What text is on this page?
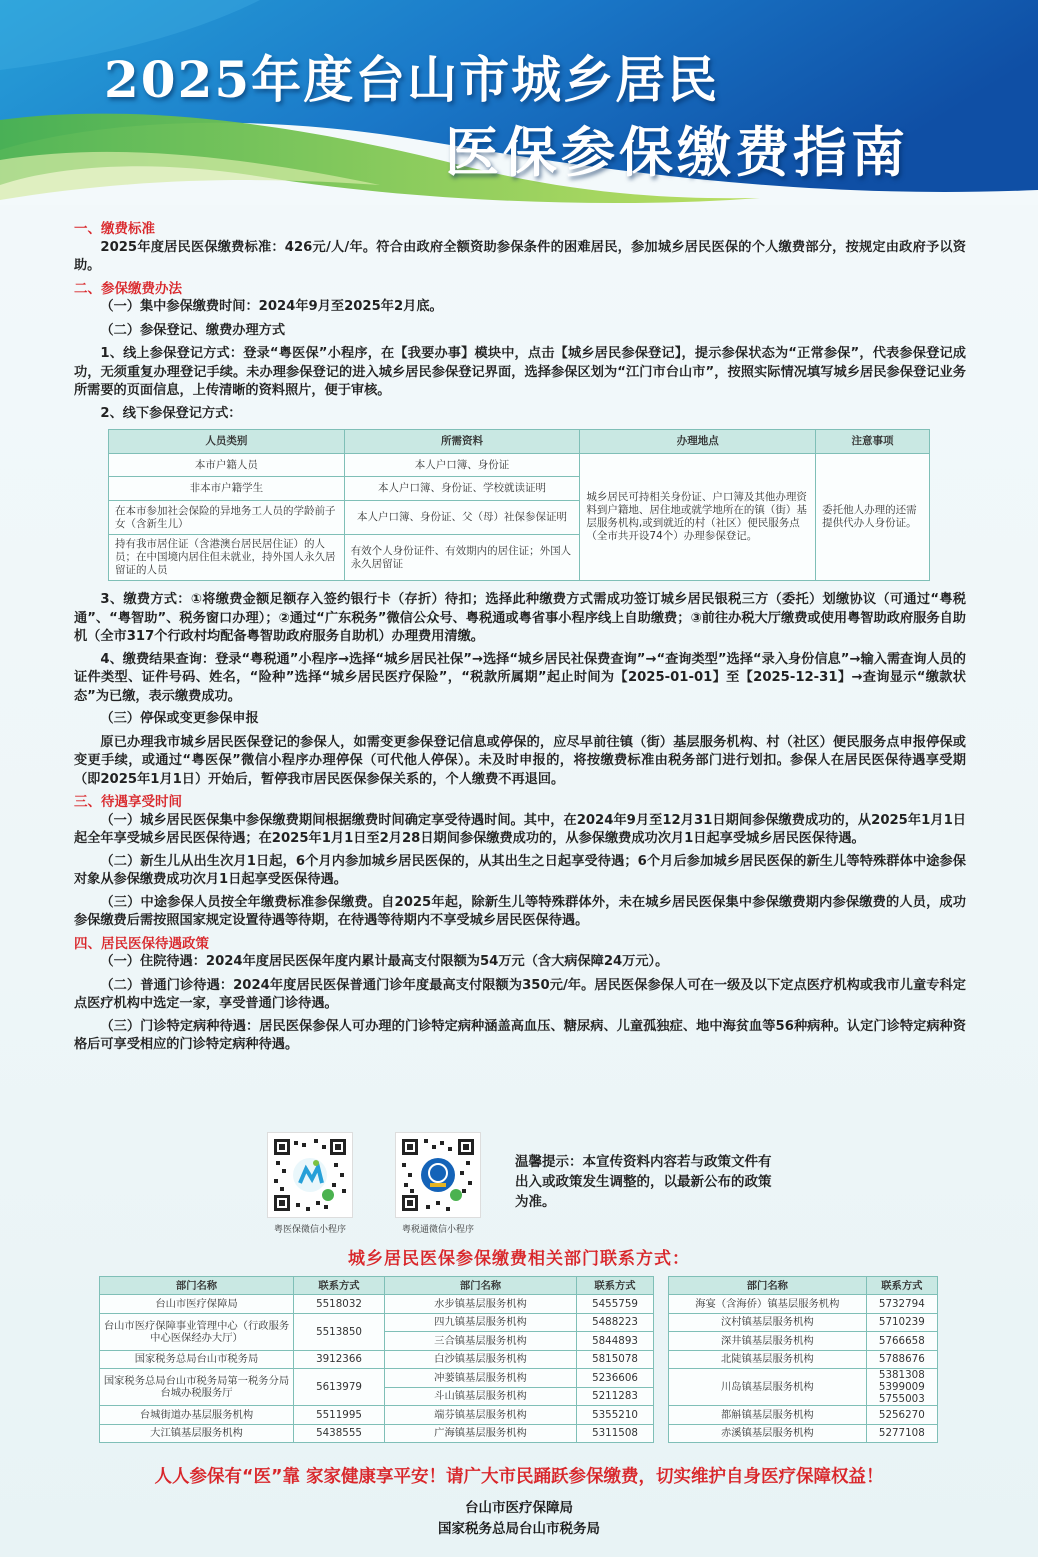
2025年度台山市城乡居民
医保参保缴费指南
一、缴费标准
2025年度居民医保缴费标准：426元/人/年。符合由政府全额资助参保条件的困难居民，参加城乡居民医保的个人缴费部分，按规定由政府予以资助。
二、参保缴费办法
（一）集中参保缴费时间：2024年9月至2025年2月底。
（二）参保登记、缴费办理方式
1、线上参保登记方式：登录“粤医保”小程序，在【我要办事】模块中，点击【城乡居民参保登记】，提示参保状态为“正常参保”，代表参保登记成功，无须重复办理登记手续。未办理参保登记的进入城乡居民参保登记界面，选择参保区划为“江门市台山市”，按照实际情况填写城乡居民参保登记业务所需要的页面信息，上传清晰的资料照片，便于审核。
2、线下参保登记方式：
人员类别	所需资料	办理地点	注意事项
本市户籍人员	本人户口簿、身份证	城乡居民可持相关身份证、户口簿及其他办理资料到户籍地、居住地或就学地所在的镇（街）基层服务机构,或到就近的村（社区）便民服务点（全市共开设74个）办理参保登记。	委托他人办理的还需提供代办人身份证。
非本市户籍学生	本人户口簿、身份证、学校就读证明		
在本市参加社会保险的异地务工人员的学龄前子女（含新生儿）	本人户口簿、身份证、父（母）社保参保证明		
持有我市居住证（含港澳台居民居住证）的人员；在中国境内居住但未就业，持外国人永久居留证的人员	有效个人身份证件、有效期内的居住证；外国人永久居留证		
3、缴费方式：①将缴费金额足额存入签约银行卡（存折）待扣；选择此种缴费方式需成功签订城乡居民银税三方（委托）划缴协议（可通过“粤税通”、“粤智助”、税务窗口办理）；②通过“广东税务”微信公众号、粤税通或粤省事小程序线上自助缴费；③前往办税大厅缴费或使用粤智助政府服务自助机（全市317个行政村均配备粤智助政府服务自助机）办理费用清缴。
4、缴费结果查询：登录“粤税通”小程序→选择“城乡居民社保”→选择“城乡居民社保费查询”→“查询类型”选择“录入身份信息”→输入需查询人员的证件类型、证件号码、姓名，“险种”选择“城乡居民医疗保险”，“税款所属期”起止时间为【2025-01-01】至【2025-12-31】→查询显示“缴款状态”为已缴，表示缴费成功。
（三）停保或变更参保申报
原已办理我市城乡居民医保登记的参保人，如需变更参保登记信息或停保的，应尽早前往镇（街）基层服务机构、村（社区）便民服务点申报停保或变更手续，或通过“粤医保”微信小程序办理停保（可代他人停保）。未及时申报的，将按缴费标准由税务部门进行划扣。参保人在居民医保待遇享受期（即2025年1月1日）开始后，暂停我市居民医保参保关系的，个人缴费不再退回。
三、待遇享受时间
（一）城乡居民医保集中参保缴费期间根据缴费时间确定享受待遇时间。其中，在2024年9月至12月31日期间参保缴费成功的，从2025年1月1日起全年享受城乡居民医保待遇；在2025年1月1日至2月28日期间参保缴费成功的，从参保缴费成功次月1日起享受城乡居民医保待遇。
（二）新生儿从出生次月1日起，6个月内参加城乡居民医保的，从其出生之日起享受待遇；6个月后参加城乡居民医保的新生儿等特殊群体中途参保对象从参保缴费成功次月1日起享受医保待遇。
（三）中途参保人员按全年缴费标准参保缴费。自2025年起，除新生儿等特殊群体外，未在城乡居民医保集中参保缴费期内参保缴费的人员，成功参保缴费后需按照国家规定设置待遇等待期，在待遇等待期内不享受城乡居民医保待遇。
四、居民医保待遇政策
（一）住院待遇：2024年度居民医保年度内累计最高支付限额为54万元（含大病保障24万元）。
（二）普通门诊待遇：2024年度居民医保普通门诊年度最高支付限额为350元/年。居民医保参保人可在一级及以下定点医疗机构或我市儿童专科定点医疗机构中选定一家，享受普通门诊待遇。
（三）门诊特定病种待遇：居民医保参保人可办理的门诊特定病种涵盖高血压、糖尿病、儿童孤独症、地中海贫血等56种病种。认定门诊特定病种资格后可享受相应的门诊特定病种待遇。
粤医保微信小程序	粤税通微信小程序
温馨提示：本宣传资料内容若与政策文件有出入或政策发生调整的，以最新公布的政策为准。
城乡居民医保参保缴费相关部门联系方式：
部门名称	联系方式
台山市医疗保障局	5518032
台山市医疗保障事业管理中心（行政服务中心医保经办大厅）	5513850
国家税务总局台山市税务局	3912366
国家税务总局台山市税务局第一税务分局台城办税服务厅	5613979
台城街道办基层服务机构	5511995
大江镇基层服务机构	5438555
部门名称	联系方式
水步镇基层服务机构	5455759
四九镇基层服务机构	5488223
三合镇基层服务机构	5844893
白沙镇基层服务机构	5815078
冲蒌镇基层服务机构	5236606
斗山镇基层服务机构	5211283
端芬镇基层服务机构	5355210
广海镇基层服务机构	5311508
部门名称	联系方式
海宴（含海侨）镇基层服务机构	5732794
汶村镇基层服务机构	5710239
深井镇基层服务机构	5766658
北陡镇基层服务机构	5788676
川岛镇基层服务机构	5381308 5399009 5755003
都斛镇基层服务机构	5256270
赤溪镇基层服务机构	5277108
人人参保有“医”靠 家家健康享平安！请广大市民踊跃参保缴费，切实维护自身医疗保障权益！
台山市医疗保障局
国家税务总局台山市税务局
